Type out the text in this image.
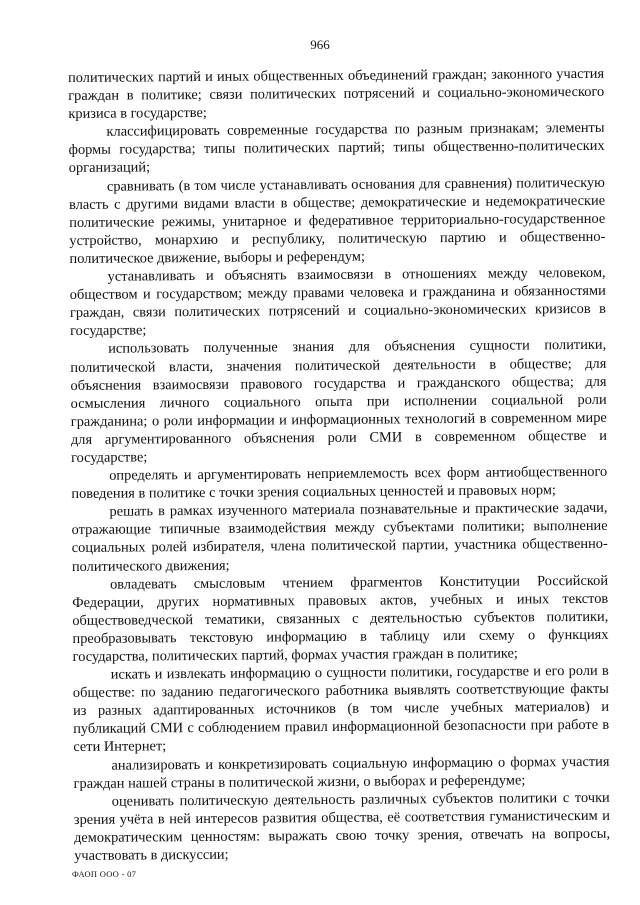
966

политических партий и иных общественных объединений граждан; законного участия граждан в политике; связи политических потрясений и социально-экономического кризиса в государстве;

классифицировать современные государства по разным признакам; элементы формы государства; типы политических партий; типы общественно-политических организаций;

сравнивать (в том числе устанавливать основания для сравнения) политическую власть с другими видами власти в обществе; демократические и недемократические политические режимы, унитарное и федеративное территориально-государственное устройство, монархию и республику, политическую партию и общественно-политическое движение, выборы и референдум;

устанавливать и объяснять взаимосвязи в отношениях между человеком, обществом и государством; между правами человека и гражданина и обязанностями граждан, связи политических потрясений и социально-экономических кризисов в государстве;

использовать полученные знания для объяснения сущности политики, политической власти, значения политической деятельности в обществе; для объяснения взаимосвязи правового государства и гражданского общества; для осмысления личного социального опыта при исполнении социальной роли гражданина; о роли информации и информационных технологий в современном мире для аргументированного объяснения роли СМИ в современном обществе и государстве;

определять и аргументировать неприемлемость всех форм антиобщественного поведения в политике с точки зрения социальных ценностей и правовых норм;

решать в рамках изученного материала познавательные и практические задачи, отражающие типичные взаимодействия между субъектами политики; выполнение социальных ролей избирателя, члена политической партии, участника общественно-политического движения;

овладевать смысловым чтением фрагментов Конституции Российской Федерации, других нормативных правовых актов, учебных и иных текстов обществоведческой тематики, связанных с деятельностью субъектов политики, преобразовывать текстовую информацию в таблицу или схему о функциях государства, политических партий, формах участия граждан в политике;

искать и извлекать информацию о сущности политики, государстве и его роли в обществе: по заданию педагогического работника выявлять соответствующие факты из разных адаптированных источников (в том числе учебных материалов) и публикаций СМИ с соблюдением правил информационной безопасности при работе в сети Интернет;

анализировать и конкретизировать социальную информацию о формах участия граждан нашей страны в политической жизни, о выборах и референдуме;

оценивать политическую деятельность различных субъектов политики с точки зрения учёта в ней интересов развития общества, её соответствия гуманистическим и демократическим ценностям: выражать свою точку зрения, отвечать на вопросы, участвовать в дискуссии;

ФАОП ООО - 07
